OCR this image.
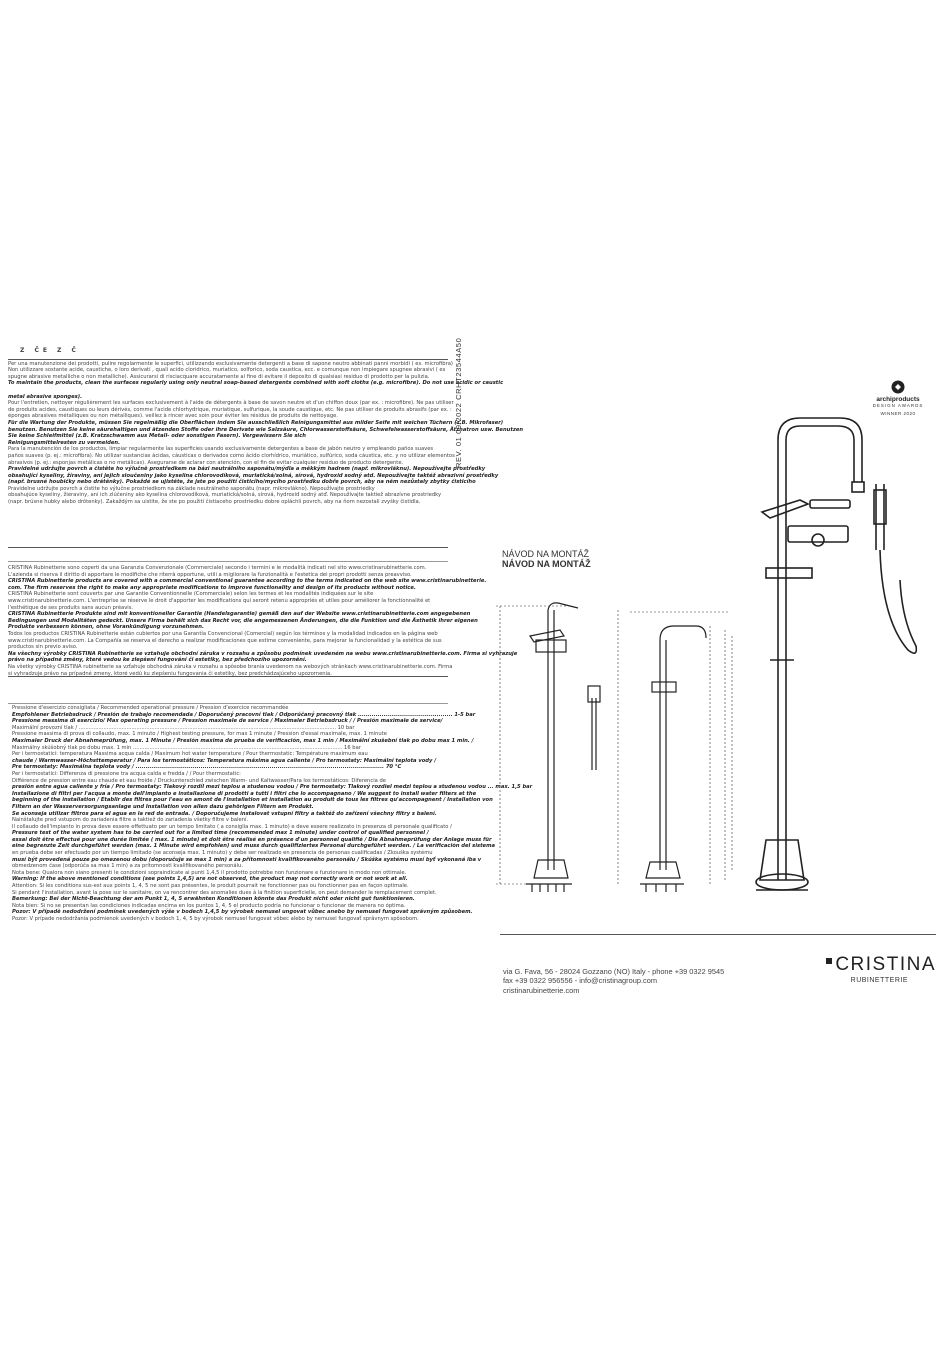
Z ČE Z Č
Per una manutenzione dei prodotti, pulire regolarmente le superfici, utilizzando esclusivamente detergenti a base di sapone neutro abbinati panni morbidi ( es. microfibra)
Non utilizzare sostante acide, caustiche, o loro derivati , quali acido cloridrico, muriatico, solforico, soda caustica, ecc. e comunque non impiegare spugnee abrasivi ( es
spugne abrasive metalliche o non metalliche). Assicurarsi di risciacquare accuratamente al fine di evitare il deposito di qualsiasi residuo di prodotto per la pulizia.
To maintain the products, clean the surfaces regularly using only neutral soap-based detergents combined with soft cloths (e.g. microfibre). Do not use acidic or caustic
metal abrasive sponges).
Pour l'entretien, nettoyer régulièrement les surfaces exclusivement à l'aide de détergents à base de savon neutre et d'un chiffon doux (par ex. : microfibre). Ne pas utiliser
de produits acides, caustiques ou leurs dérivés, comme l'acide chlorhydrique, muriatique, sulfurique, la soude caustique, etc. Ne pas utiliser de produits abrasifs (par ex. :
éponges abrasives métalliques ou non métalliques). veillez à rincer avec soin pour éviter les résidus de produits de nettoyage.
Für die Wartung der Produkte, müssen Sie regelmäßig die Oberflächen indem Sie ausschließlich Reinigungsmittel aus milder Seife mit weichen Tüchern (z.B. Mikrofaser)
benutzen. Benutzen Sie keine säurehaltigen und ätzenden Stoffe oder ihre Derivate wie Salzsäure, Chlorwasserstoffsäure, Schwefelwasserstoffsäure, Ätznatron usw. Benutzen
Sie keine Schleifmittel (z.B. Kratzschwamm aus Metall- oder sonstigen Fasern). Vergewissern Sie sich
Reinigungsmittelresten zu vermeiden.
Para la manutención de los productos, limpiar regularmente las superficies usando exclusivamente detergentes a base de jabón neutro y empleando paños suaves
paños suaves (p. ej.: microfibra). No utilizar sustancias ácidas, cáusticas o derivados como ácido clorhídrico, muriático, sulfúrico, soda cáustica, etc. y no utilizar elementos
abrasivos (p. ej.: esponjas metálicas o no metálicas). Asegurarse de aclarar con atención, con el fin de evitar cualquier residuo de producto detergente.
Pravidelné udržujte povrch a čistěte ho výlučně prostředkem na bázi neutrálního saponátu/mýdla a měkkým hadrem (např. mikrovláknu). Nepoužívejte prostředky
obsahující kyseliny, žíraviny, ani jejich sloučeniny jako kyselina chlorovodíková, muriatická/solná, sírová, hydroxid sodný atd. Nepoužívejte taktéž abrazivní prostředky
(např. brusné houbičky nebo drátěnky). Pokaždé se ujistěte, že jste po použití čisticího/mycího prostředku dobře povrch, aby na něm nezůstaly zbytky čisticího
Pravidelne udržujte povrch a čistite ho výlučne prostriedkom na základe neutrálneho saponátu (napr. mikrovlákno). Nepoužívajte prostriedky
obsahujúce kyseliny, žieraviny, ani ich zlúčeniny ako kyselina chlorovodíková, muriatická/solná, sírová, hydroxid sodný atď. Nepoužívajte taktiež abrazívne prostriedky
(napr. brúsne hubky alebo drôtenky). Zakaždým sa uistite, že ste po použití čistiaceho prostriedku dobre opláchli povrch, aby na ňom nezostali zvyšky čistidla.
CRISTINA Rubinetterie sono coperti da una Garanzia Convenzionale (Commerciale) secondo i termini e le modalità indicati nel sito www.cristinarubinetterie.com.
L'azienda si riserva il diritto di apportare le modifiche che riterrà opportune, utili a migliorare la funzionalità e l'estetica dei propri prodotti senza preavviso.
CRISTINA Rubinetterie products are covered with a commercial conventional guarantee according to the terms indicated on the web site www.cristinarubinetterie.
com. The firm reserves the right to make any appropriate modifications to improve functionality and design of its products without notice.
CRISTINA Rubinetterie sont couverts par une Garantie Conventionnelle (Commerciale) selon les termes et les modalités indiquées sur le site
www.cristinarubinetterie.com. L'entreprise se réserve le droit d'apporter les modifications qui seront retenu appropriés et utiles pour améliorer la fonctionnalité et
l'esthétique de ses produits sans aucun préavis.
CRISTINA Rubinetterie Produkte sind mit konventioneller Garantie (Handelsgarantie) gemäß den auf der Website www.cristinarubinetterie.com angegebenen
Bedingungen und Modalitäten gedeckt. Unsere Firma behält sich das Recht vor, die angemessenen Änderungen, die die Funktion und die Ästhetik ihrer eigenen
Produkte verbessern können, ohne Vorankündigung vorzunehmen.
Todos los productos CRISTINA Rubinetterie están cubiertos por una Garantía Convencional (Comercial) según los términos y la modalidad indicados en la página web
www.cristinarubinetterie.com. La Compañía se reserva el derecho a realizar modificaciones que estime conveniente, para mejorar la funcionalidad y la estética de sus
productos sin previo aviso.
Na všechny výrobky CRISTINA Rubinetterie se vztahuje obchodní záruka v rozsahu a způsobu podmínek uvedeném na webu www.cristinarubinetterie.com. Firma si vyhrazuje
právo na případné změny, které vedou ke zlepšení fungování či estetiky, bez předchozího upozornění.
Na všetky výrobky CRISTINA rubinetterie sa vzťahuje obchodná záruka v rozsahu a spôsobe brania uvedenom na webových stránkach www.cristinarubinetterie.com. Firma
si vyhradzuje právo na prípadné zmeny, ktoré vedú ku zlepšeniu fungovania či estetiky, bez predchádzajúceho upozornenia.
Pressione d'esercizio consigliata / Recommended operational pressure / Pression d'exercice recommandée
Empfohlener Betriebsdruck / Presión de trabajo recomendada / Doporučený pracovní tlak / Odporúčaný pracovný tlak ................................................ 1-5 bar
Pressione massima di esercizio/ Max operating pressure / Pression maximale de service / Maximaler Betriebsdruck / / Presión maximale de service/
Maximální provozní tlak / ............................................................................................................................................................ 10 bar
Pressione massima di prova di collaudo, max. 1 minuto / Highest testing pressure, for max 1 minute / Pression d'essai maximale, max. 1 minute
Maximaler Druck der Abnahmeprüfung, max. 1 Minute / Presión maxima de prueba de verificación, max 1 min / Maximální zkušební tlak po dobu max 1 min. /
Maximálny skúšobný tlak po dobu max. 1 min ............................................................................................................................... 16 bar
Per i termostatici: temperatura Massima acqua calda / Maximum hot water temperature / Pour thermostatic: Température maximum eau
chaude / Warmwasser-Höchsttemperatur / Para los termostáticos: Temperatura máxima agua caliente / Pro termostaty: Maximální teplota vody /
Pre termostaty: Maximálna teplota vody / .............................................................................................................................. 70 °C
Per i termostatici: Differenza di pressione tra acqua calda e fredda / / Pour thermostatic:
Différence de pression entre eau chaude et eau froide / Druckunterschied zwischen Warm- und Kaltwasser/Para los termostáticos: Diferencia de
presión entre agua caliente y fría / Pro termostaty: Tlakový rozdíl mezi teplou a studenou vodou / Pre termostaty: Tlakový rozdiel medzi teplou a studenou vodou ... max. 1,5 bar
Installazione di filtri per l'acqua a monte dell'impianto e installazione di prodotti a tutti i filtri che lo accompagnano / We suggest to install water filters at the
beginning of the installation / Etablir des filtres pour l'eau en amont de l'installation et installation au produit de tous les filtres qu'accompagnent / Installation von
Filtern an der Wasserversorgungsanlage und Installation von allen dazu gehörigen Filtern am Produkt.
Se aconseja utilizar filtros para el agua en la red de entrada. / Doporučujeme instalovat vstupní filtry a taktéž do zařízení všechny filtry s balení.
Nainštalujte pred vstupom do zariadenia filtre a taktiež do zariadenia všetky filtre v balení.
Il collaudo dell'impianto in prova deve essere effettuato per un tempo limitato ( a consiglia max. 1 minuto) e deve essere realizzato in presenza di personale qualificato /
Pressure test of the water system has to be carried out for a limited time (recommended max 1 minute) under control of qualified personnel /
essai doit être effectué pour une durée limitée ( max. 1 minute) et doit être réalisé en présence d'un personnel qualifié / Die Abnahmeprüfung der Anlage muss für
eine begrenzte Zeit durchgeführt werden (max. 1 Minute wird empfohlen) und muss durch qualifiziertes Personal durchgeführt werden. / La verificación del sistema
en prueba debe ser efectuado por un tiempo limitado (se aconseja max. 1 minuto) y debe ser realizado en presencia de personas cualificadas / Zkouška systému
musí být provedená pouze po omezenou dobu (doporučuje se max 1 min) a za přítomnosti kvalifikovaného personálu / Skúška systému musí byť vykonaná iba v
obmedzenom čase (odporúča sa max 1 min) a za prítomnosti kvalifikovaného personálu.
Nota bene: Qualora non siano presenti le condizioni sopraindicate ai punti 1,4,5 il prodotto potrebbe non funzionare e funzionare in modo non ottimale.
Warning: If the above mentioned conditions (see points 1,4,5) are not observed, the product may not correctly work or not work at all.
Attention: Si les conditions sus-est aux points 1, 4, 5 ne sont pas présentes, le produit pourrait ne fonctionner pas ou fonctionner pas en façon optimale.
Si pendant l'installation, avant la pose sur le sanitaire, on va rencontrer des anomalies dues à la finition superficielle, on peut demander le remplacement complet.
Bemerkung: Bei der Nicht-Beachtung der am Punkt 1, 4, 5 erwähnten Konditionen könnte das Produkt nicht oder nicht gut funktionieren.
Nota bien: Si no se presentan las condiciones indicadas encima en los puntos 1, 4, 5 el producto podría no funcionar o funcionar de manera no óptima.
Pozor: V případě nedodržení podmínek uvedených výše v bodech 1,4,5 by výrobek nemusel ungovat vůbec anebo by nemusel fungovat správným způsobem.
Pozor: V prípade nedodržania podmienok uvedených v bodoch 1, 4, 5 by výrobok nemusel fungovat vôbec alebo by nemusel fungovať správnym spôsobom.
REV. 01 09/2022 CRHT23544A50	archiproducts
DESIGN AWARDS
WINNER 2020
NÁVOD NA MONTÁŽ
NÁVOD NA MONTÁŽ
via G. Fava, 56 - 28024 Gozzano (NO) Italy - phone +39 0322 9545
fax +39 0322 956556 - info@cristinagroup.com
cristinarubinetterie.com
CRISTINA
RUBINETTERIE
